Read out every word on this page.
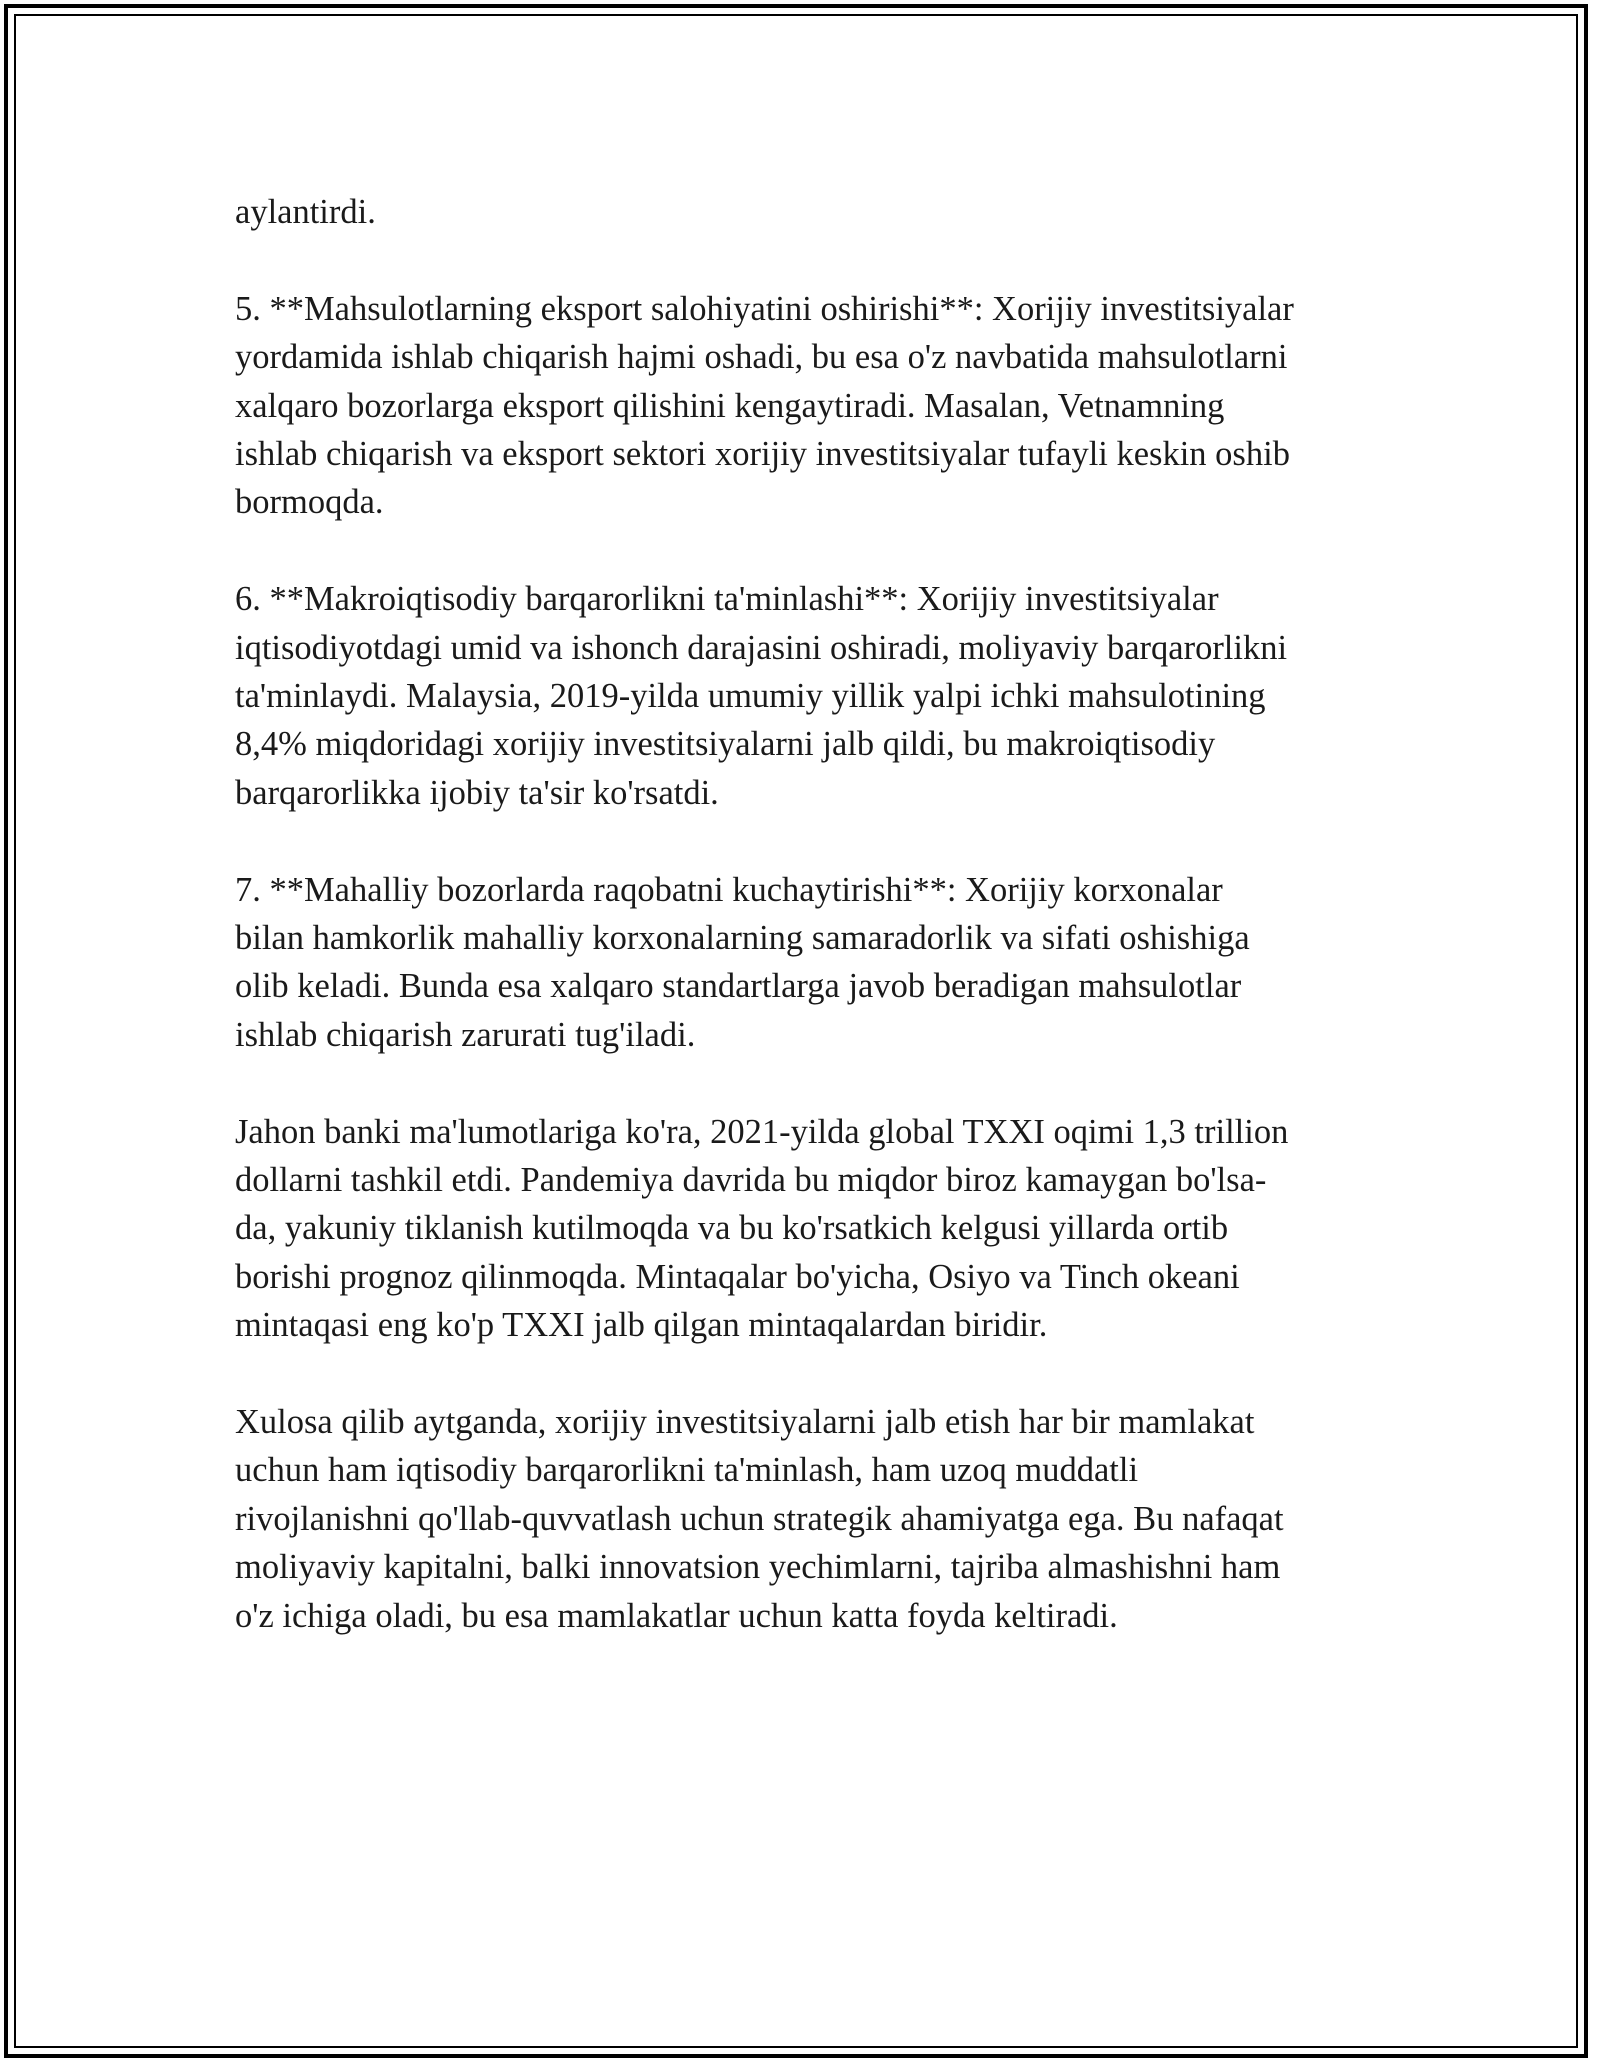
aylantirdi.

5. **Mahsulotlarning eksport salohiyatini oshirishi**: Xorijiy investitsiyalar
yordamida ishlab chiqarish hajmi oshadi, bu esa o'z navbatida mahsulotlarni
xalqaro bozorlarga eksport qilishini kengaytiradi. Masalan, Vetnamning
ishlab chiqarish va eksport sektori xorijiy investitsiyalar tufayli keskin oshib
bormoqda.

6. **Makroiqtisodiy barqarorlikni ta'minlashi**: Xorijiy investitsiyalar
iqtisodiyotdagi umid va ishonch darajasini oshiradi, moliyaviy barqarorlikni
ta'minlaydi. Malaysia, 2019-yilda umumiy yillik yalpi ichki mahsulotining
8,4% miqdoridagi xorijiy investitsiyalarni jalb qildi, bu makroiqtisodiy
barqarorlikka ijobiy ta'sir ko'rsatdi.

7. **Mahalliy bozorlarda raqobatni kuchaytirishi**: Xorijiy korxonalar
bilan hamkorlik mahalliy korxonalarning samaradorlik va sifati oshishiga
olib keladi. Bunda esa xalqaro standartlarga javob beradigan mahsulotlar
ishlab chiqarish zarurati tug'iladi.

Jahon banki ma'lumotlariga ko'ra, 2021-yilda global TXXI oqimi 1,3 trillion
dollarni tashkil etdi. Pandemiya davrida bu miqdor biroz kamaygan bo'lsa-
da, yakuniy tiklanish kutilmoqda va bu ko'rsatkich kelgusi yillarda ortib
borishi prognoz qilinmoqda. Mintaqalar bo'yicha, Osiyo va Tinch okeani
mintaqasi eng ko'p TXXI jalb qilgan mintaqalardan biridir.

Xulosa qilib aytganda, xorijiy investitsiyalarni jalb etish har bir mamlakat
uchun ham iqtisodiy barqarorlikni ta'minlash, ham uzoq muddatli
rivojlanishni qo'llab-quvvatlash uchun strategik ahamiyatga ega. Bu nafaqat
moliyaviy kapitalni, balki innovatsion yechimlarni, tajriba almashishni ham
o'z ichiga oladi, bu esa mamlakatlar uchun katta foyda keltiradi.
